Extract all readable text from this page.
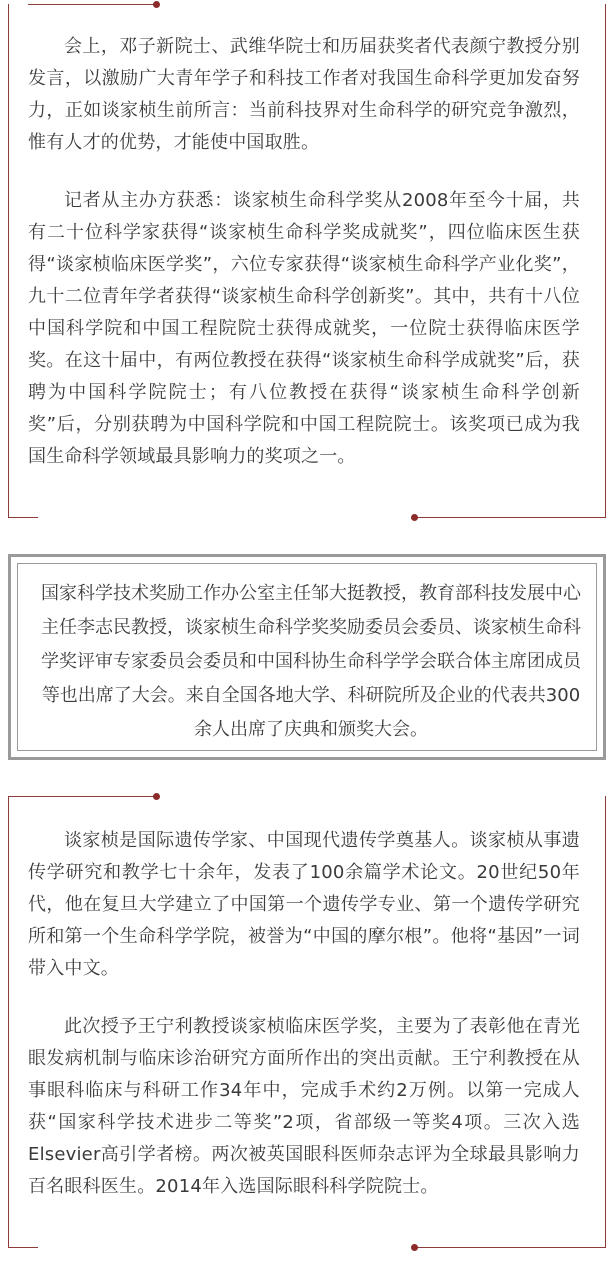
会上，邓子新院士、武维华院士和历届获奖者代表颜宁教授分别发言，以激励广大青年学子和科技工作者对我国生命科学更加发奋努力，正如谈家桢生前所言：当前科技界对生命科学的研究竞争激烈，惟有人才的优势，才能使中国取胜。

记者从主办方获悉：谈家桢生命科学奖从2008年至今十届，共有二十位科学家获得“谈家桢生命科学奖成就奖”，四位临床医生获得“谈家桢临床医学奖”，六位专家获得“谈家桢生命科学产业化奖”，九十二位青年学者获得“谈家桢生命科学创新奖”。其中，共有十八位中国科学院和中国工程院院士获得成就奖，一位院士获得临床医学奖。在这十届中，有两位教授在获得“谈家桢生命科学成就奖”后，获聘为中国科学院院士；有八位教授在获得“谈家桢生命科学创新奖”后，分别获聘为中国科学院和中国工程院院士。该奖项已成为我国生命科学领域最具影响力的奖项之一。

国家科学技术奖励工作办公室主任邹大挺教授，教育部科技发展中心主任李志民教授，谈家桢生命科学奖奖励委员会委员、谈家桢生命科学奖评审专家委员会委员和中国科协生命科学学会联合体主席团成员等也出席了大会。来自全国各地大学、科研院所及企业的代表共300余人出席了庆典和颁奖大会。

谈家桢是国际遗传学家、中国现代遗传学奠基人。谈家桢从事遗传学研究和教学七十余年，发表了100余篇学术论文。20世纪50年代，他在复旦大学建立了中国第一个遗传学专业、第一个遗传学研究所和第一个生命科学学院，被誉为“中国的摩尔根”。他将“基因”一词带入中文。

此次授予王宁利教授谈家桢临床医学奖，主要为了表彰他在青光眼发病机制与临床诊治研究方面所作出的突出贡献。王宁利教授在从事眼科临床与科研工作34年中，完成手术约2万例。以第一完成人获“国家科学技术进步二等奖”2项，省部级一等奖4项。三次入选Elsevier高引学者榜。两次被英国眼科医师杂志评为全球最具影响力百名眼科医生。2014年入选国际眼科科学院院士。
